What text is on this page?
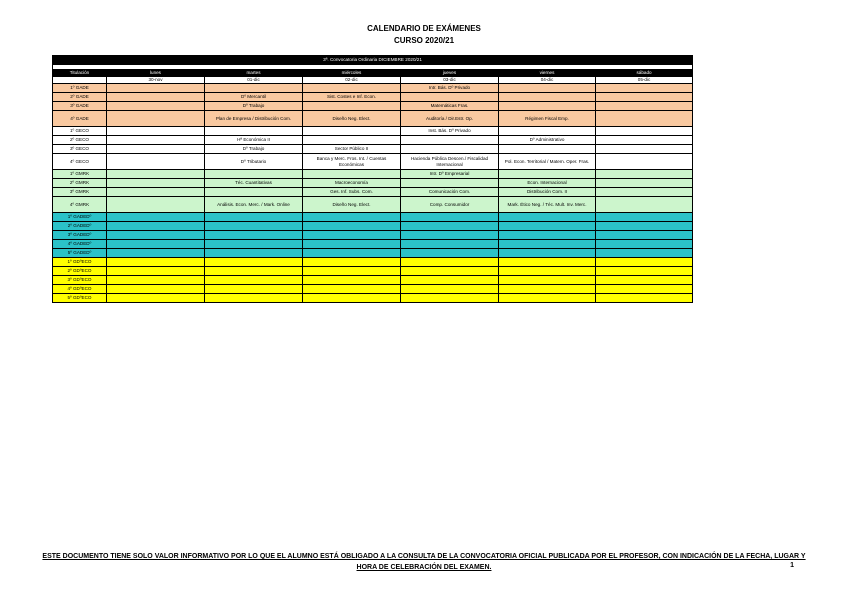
CALENDARIO DE EXÁMENES
CURSO 2020/21
3ª. Convocatoria Ordinaria DICIEMBRE 2020/21						

Titulación	lunes	martes	miércoles	jueves	viernes	sábado
	30-nov	01-dic	02-dic	03-dic	04-dic	05-dic
1º GADE				Intr. Bás. Dº Privado		
2º GADE		Dº Mercantil	Sist. Costes e Inf. Econ.			
3º GADE		Dº Trabajo		Matemáticas Fras.		
4º GADE		Plan de Empresa / Distribución Com.	Diseño Neg. Elect.	Auditoría / Dir.Estr. Op.	Régimen Fiscal Emp.	
1º GECO				Inst. Bás. Dº Privado		
2º GECO		Hª Económica II			Dº Administrativo	
3º GECO		Dº Trabajo	Sector Público II			
4º GECO		Dº Tributario	Banca y Merc. Fros. Int. / Cuentas Económicas	Hacienda Pública Descen./ Fiscalidad Internacional	Pol. Econ. Territorial / Matem. Oper. Fras.	
1º GMRK				Intr. Dº Empresarial		
2º GMRK		Téc. Cuantitativas	Macroeconomía		Econ. Internacional	
3º GMRK			Ges. Inf. Subs. Com.	Comunicación Com.	Distribución Com. II	
4º GMRK		Análisis. Econ. Merc. / Mark. Online	Diseño Neg. Elect.	Comp. Consumidor	Mark. Ético Neg. / Téc. Mult. Inv. Merc.	
1º GADEDº						
2º GADEDº						
3º GADEDº						
4º GADEDº						
5º GADEDº						
1º GDºECO						
2º GDºECO						
3º GDºECO						
4º GDºECO						
5º GDºECO						
ESTE DOCUMENTO TIENE SOLO VALOR INFORMATIVO POR LO QUE EL ALUMNO ESTÁ OBLIGADO A LA CONSULTA DE LA CONVOCATORIA OFICIAL PUBLICADA POR EL PROFESOR, CON INDICACIÓN DE LA FECHA, LUGAR Y HORA DE CELEBRACIÓN DEL EXAMEN.	1
